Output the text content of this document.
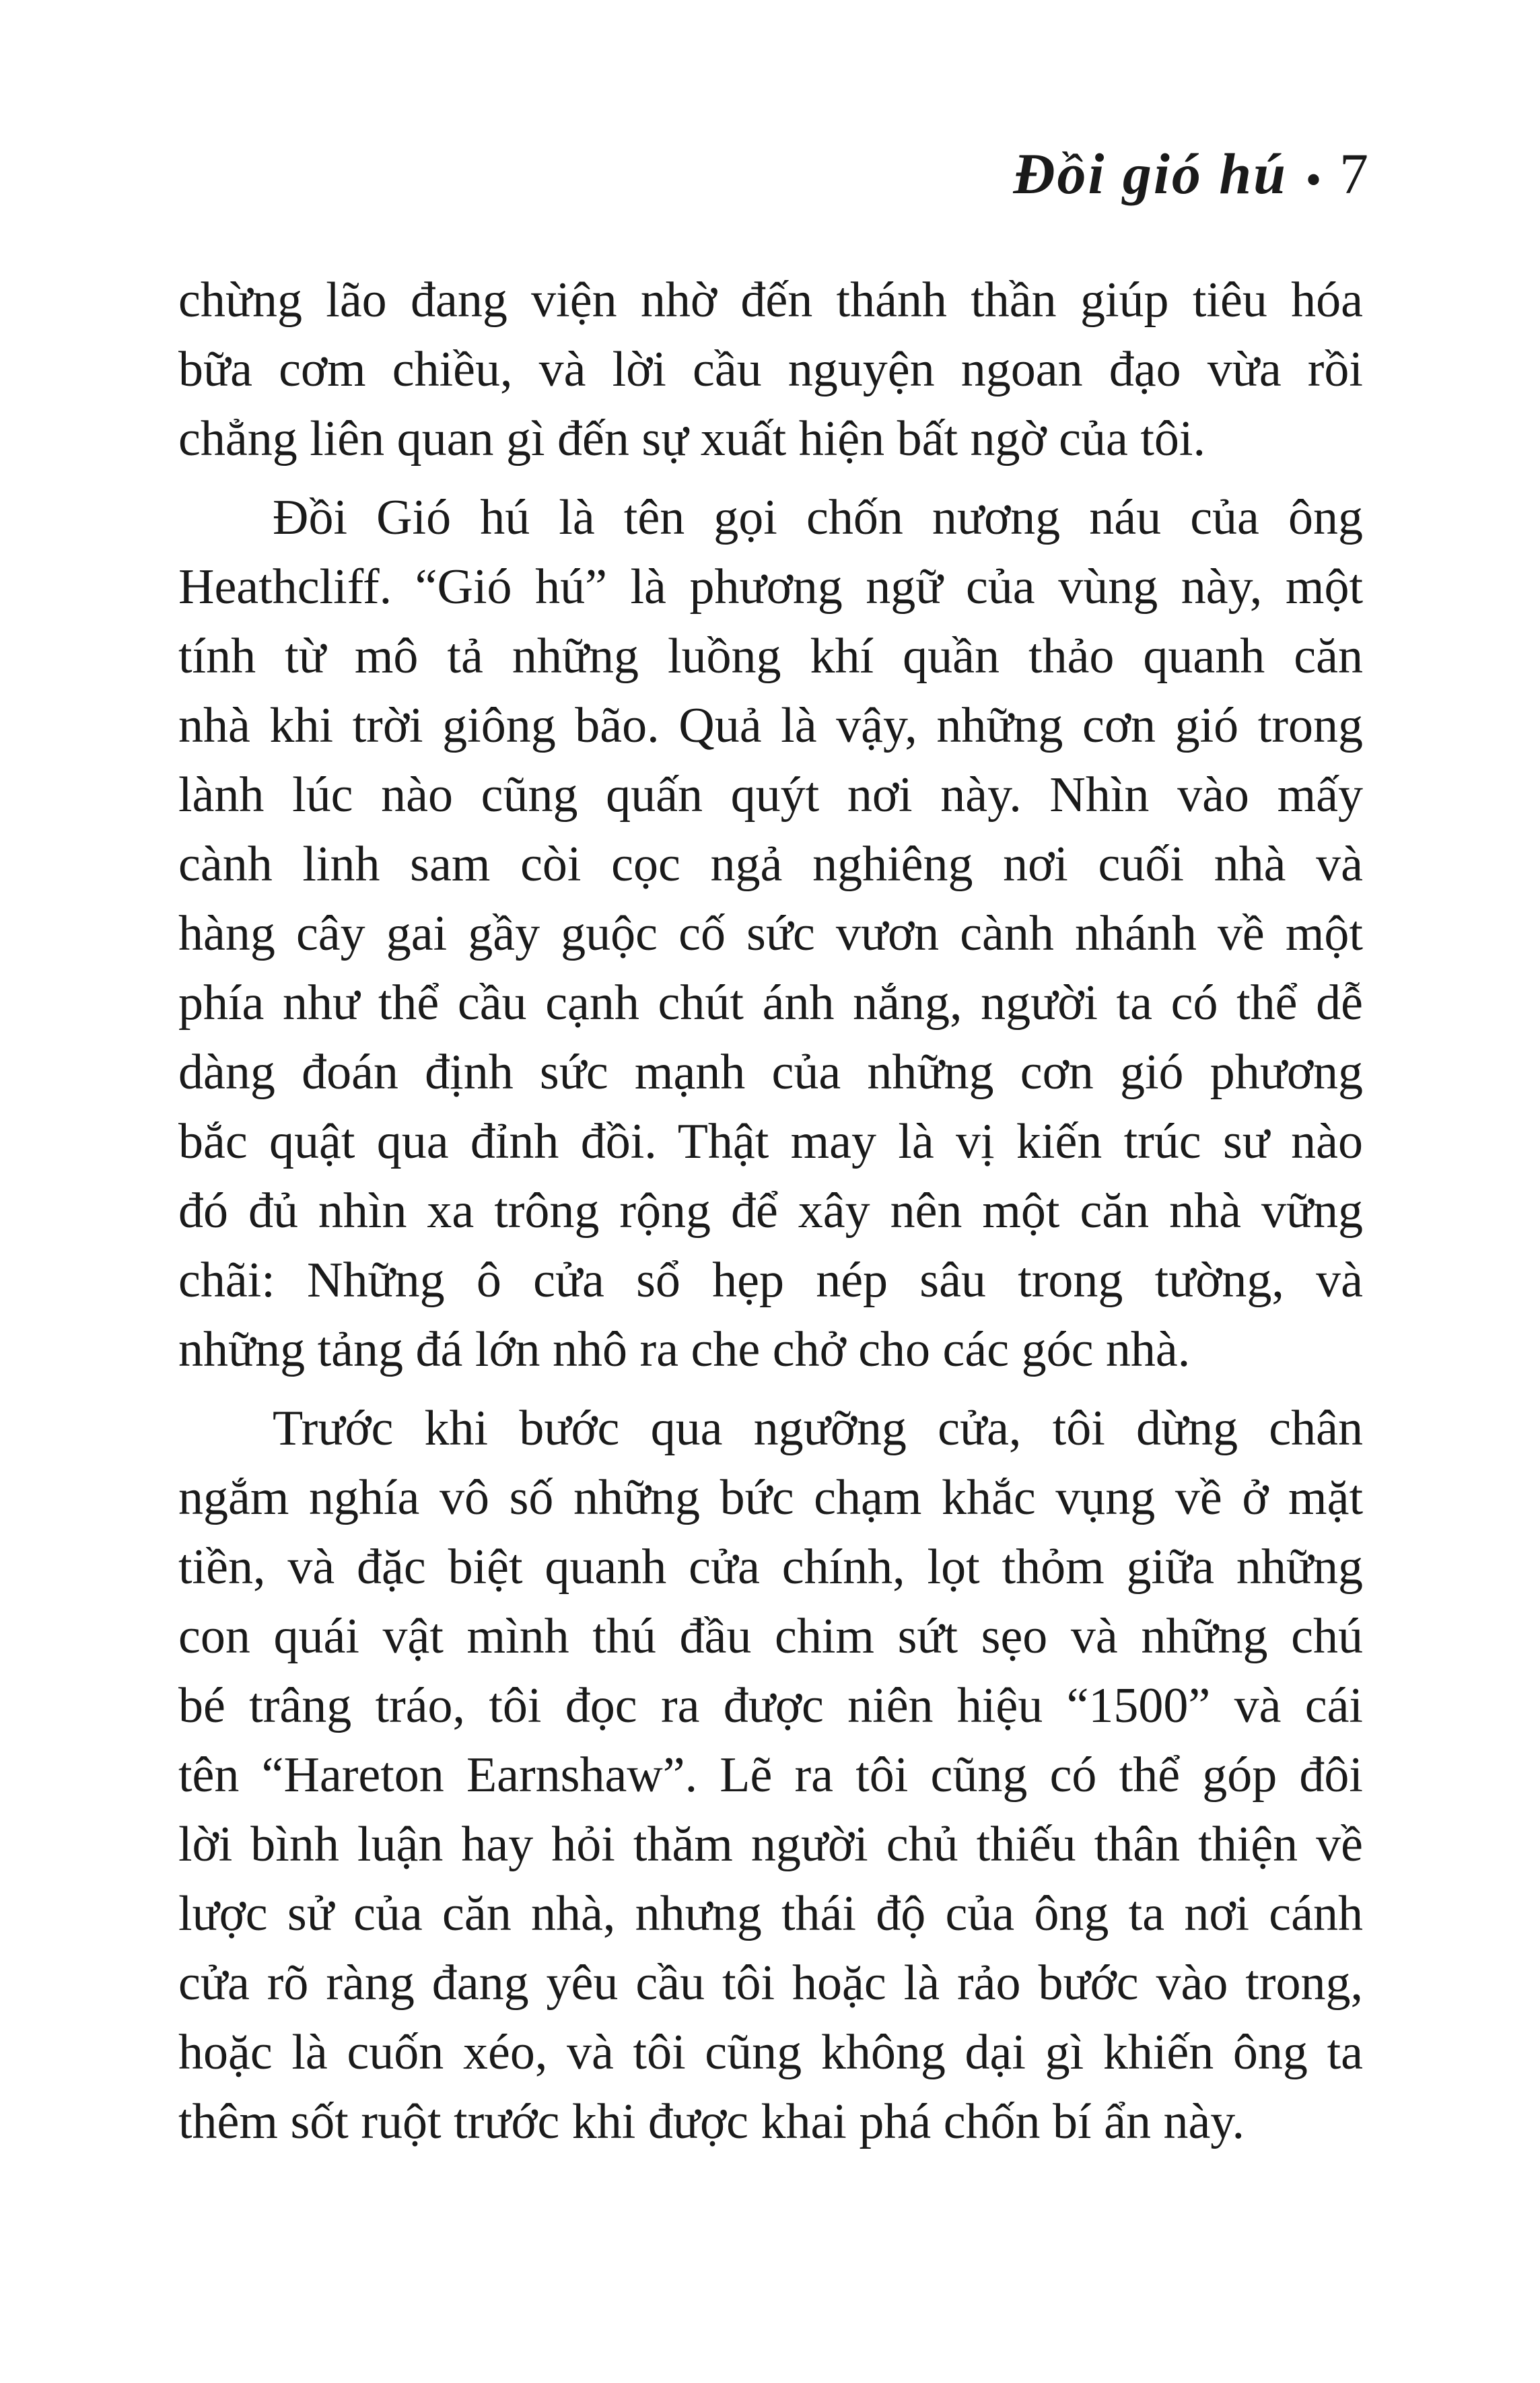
Đồi gió hú • 7
chừng lão đang viện nhờ đến thánh thần giúp tiêu hóa
bữa cơm chiều, và lời cầu nguyện ngoan đạo vừa rồi
chẳng liên quan gì đến sự xuất hiện bất ngờ của tôi.
Đồi Gió hú là tên gọi chốn nương náu của ông
Heathcliff. “Gió hú” là phương ngữ của vùng này, một
tính từ mô tả những luồng khí quần thảo quanh căn
nhà khi trời giông bão. Quả là vậy, những cơn gió trong
lành lúc nào cũng quấn quýt nơi này. Nhìn vào mấy
cành linh sam còi cọc ngả nghiêng nơi cuối nhà và
hàng cây gai gầy guộc cố sức vươn cành nhánh về một
phía như thể cầu cạnh chút ánh nắng, người ta có thể dễ
dàng đoán định sức mạnh của những cơn gió phương
bắc quật qua đỉnh đồi. Thật may là vị kiến trúc sư nào
đó đủ nhìn xa trông rộng để xây nên một căn nhà vững
chãi: Những ô cửa sổ hẹp nép sâu trong tường, và
những tảng đá lớn nhô ra che chở cho các góc nhà.
Trước khi bước qua ngưỡng cửa, tôi dừng chân
ngắm nghía vô số những bức chạm khắc vụng về ở mặt
tiền, và đặc biệt quanh cửa chính, lọt thỏm giữa những
con quái vật mình thú đầu chim sứt sẹo và những chú
bé trâng tráo, tôi đọc ra được niên hiệu “1500” và cái
tên “Hareton Earnshaw”. Lẽ ra tôi cũng có thể góp đôi
lời bình luận hay hỏi thăm người chủ thiếu thân thiện về
lược sử của căn nhà, nhưng thái độ của ông ta nơi cánh
cửa rõ ràng đang yêu cầu tôi hoặc là rảo bước vào trong,
hoặc là cuốn xéo, và tôi cũng không dại gì khiến ông ta
thêm sốt ruột trước khi được khai phá chốn bí ẩn này.
